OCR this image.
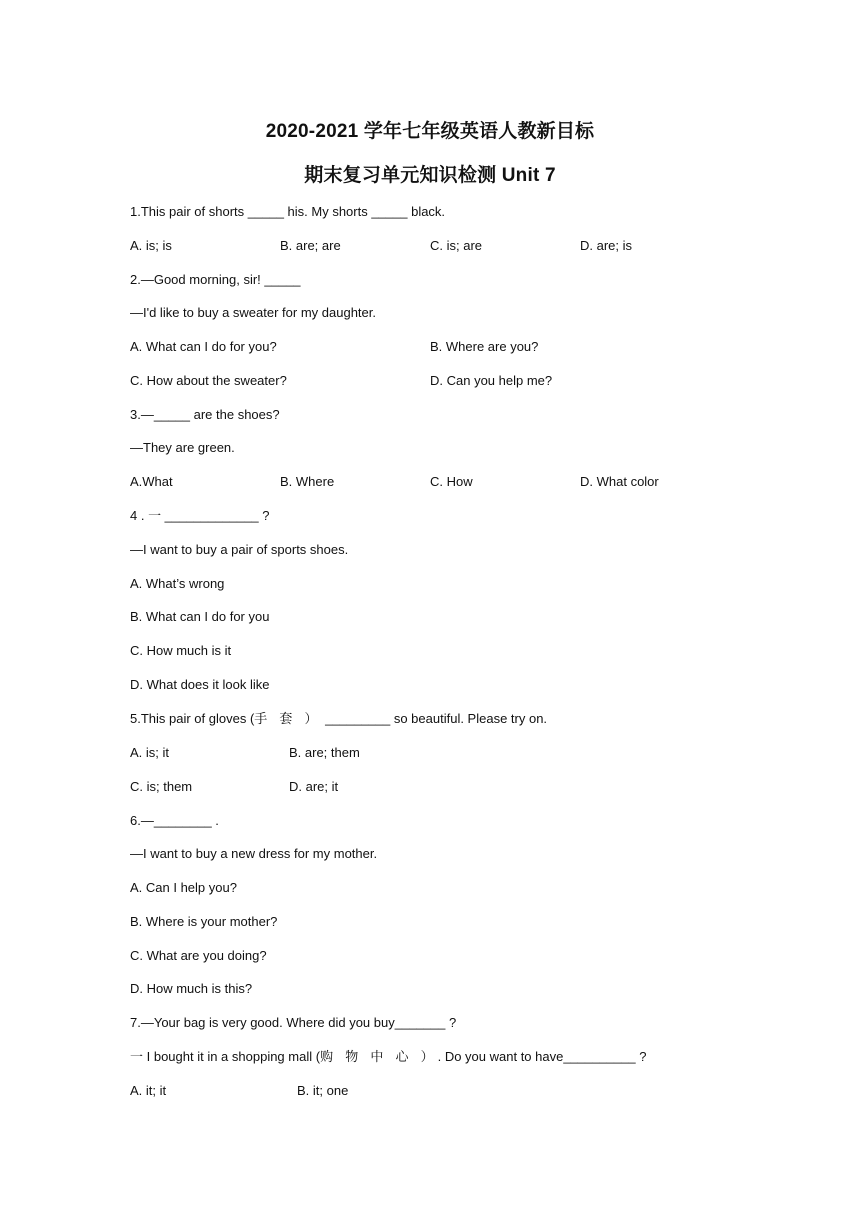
2020-2021 学年七年级英语人教新目标
期末复习单元知识检测 Unit 7
1.This pair of shorts _____ his. My shorts _____ black.
A. is; is	B. are; are	C. is; are	D. are; is
2.—Good morning, sir! _____
—I'd like to buy a sweater for my daughter.
A. What can I do for you?	B. Where are you?
C. How about the sweater?	D. Can you help me?
3.—_____ are the shoes?
—They are green.
A.What	B. Where	C. How	D. What color
4 . 一 _____________ ?
—I want to buy a pair of sports shoes.
A. What’s wrong
B. What can I do for you
C. How much is it
D. What does it look like
5.This pair of gloves (手 套 ） _________ so beautiful. Please try on.
A. is; it	B. are; them
C. is; them	D. are; it
6.—________ .
—I want to buy a new dress for my mother.
A. Can I help you?
B. Where is your mother?
C. What are you doing?
D. How much is this?
7.—Your bag is very good. Where did you buy_______ ?
一 I bought it in a shopping mall (购 物 中 心 ）. Do you want to have__________ ?
A. it; it	B. it; one
